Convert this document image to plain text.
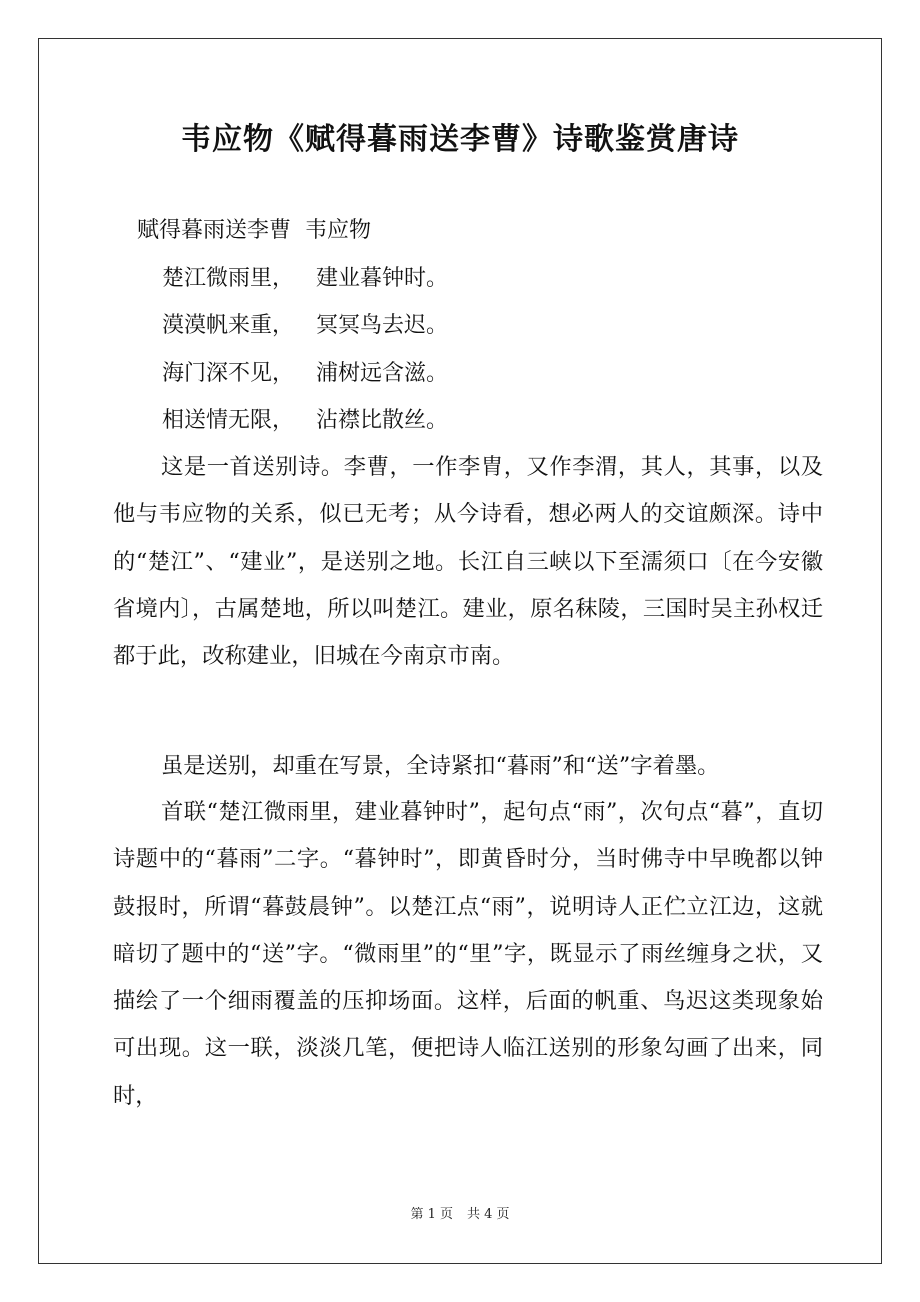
韦应物《赋得暮雨送李曹》诗歌鉴赏唐诗
赋得暮雨送李曹 韦应物
楚江微雨里， 建业暮钟时。
漠漠帆来重， 冥冥鸟去迟。
海门深不见， 浦树远含滋。
相送情无限， 沾襟比散丝。

这是一首送别诗。李曹，一作李胄，又作李渭，其人，其事，以及他与韦应物的关系，似已无考；从今诗看，想必两人的交谊颇深。诗中的“楚江”、“建业”，是送别之地。长江自三峡以下至濡须口〔在今安徽省境内〕，古属楚地，所以叫楚江。建业，原名秣陵，三国时吴主孙权迁都于此，改称建业，旧城在今南京市南。

虽是送别，却重在写景，全诗紧扣“暮雨”和“送”字着墨。

首联“楚江微雨里，建业暮钟时”，起句点“雨”，次句点“暮”，直切诗题中的“暮雨”二字。“暮钟时”，即黄昏时分，当时佛寺中早晚都以钟鼓报时，所谓“暮鼓晨钟”。以楚江点“雨”，说明诗人正伫立江边，这就暗切了题中的“送”字。“微雨里”的“里”字，既显示了雨丝缠身之状，又描绘了一个细雨覆盖的压抑场面。这样，后面的帆重、鸟迟这类现象始可出现。这一联，淡淡几笔，便把诗人临江送别的形象勾画了出来，同时，

第 1 页 共 4 页
